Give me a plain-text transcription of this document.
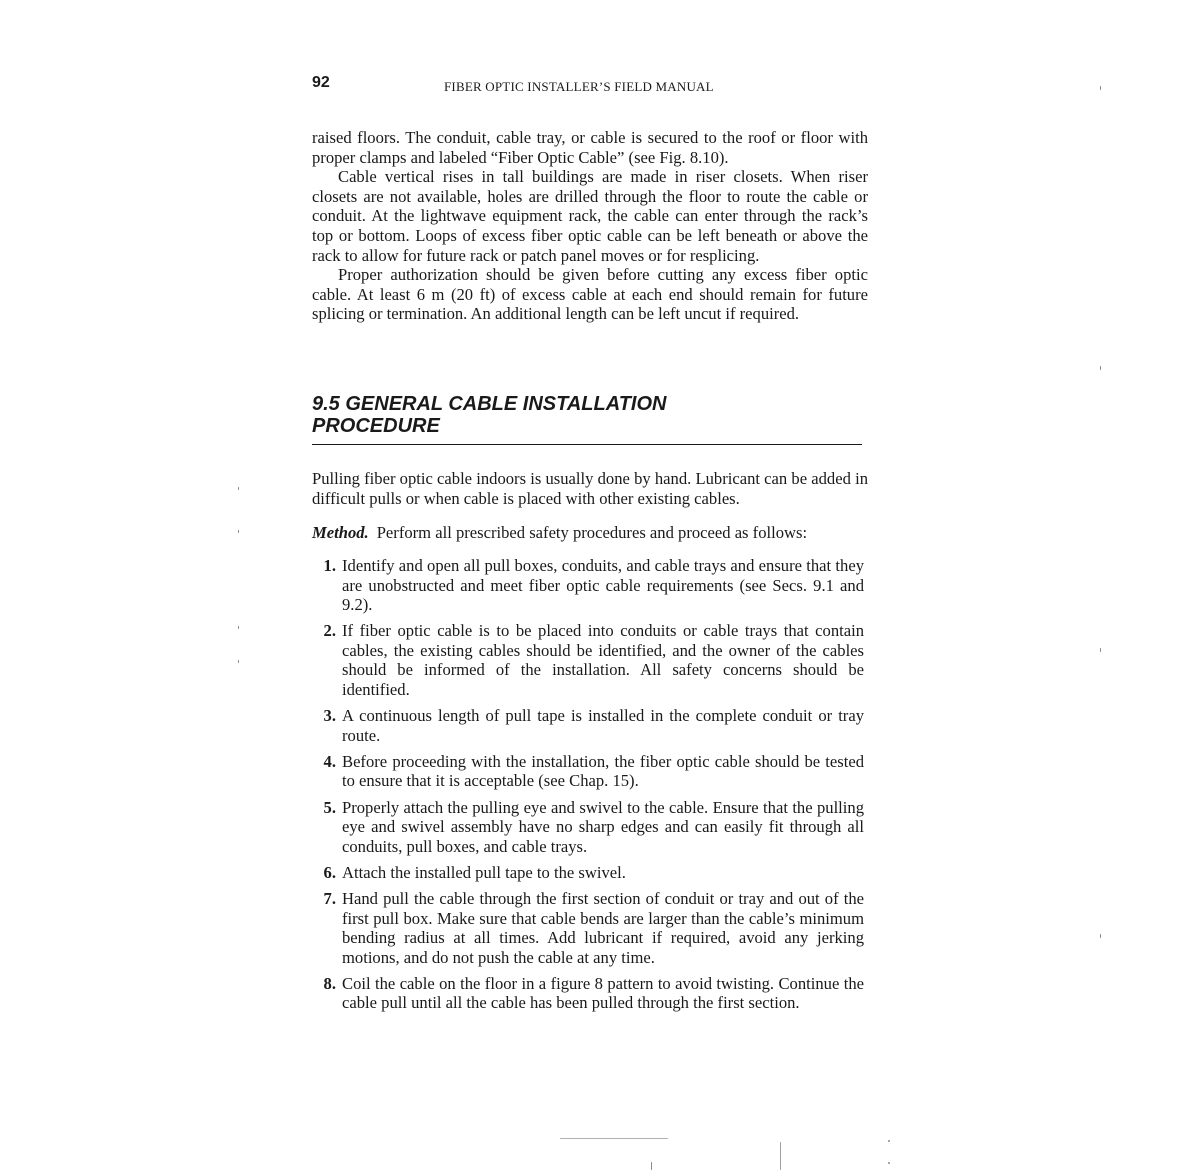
92	FIBER OPTIC INSTALLER’S FIELD MANUAL

raised floors. The conduit, cable tray, or cable is secured to the roof or floor with proper clamps and labeled “Fiber Optic Cable” (see Fig. 8.10).

Cable vertical rises in tall buildings are made in riser closets. When riser closets are not available, holes are drilled through the floor to route the cable or conduit. At the lightwave equipment rack, the cable can enter through the rack’s top or bottom. Loops of excess fiber optic cable can be left beneath or above the rack to allow for future rack or patch panel moves or for resplicing.

Proper authorization should be given before cutting any excess fiber optic cable. At least 6 m (20 ft) of excess cable at each end should remain for future splicing or termination. An additional length can be left uncut if required.

9.5 GENERAL CABLE INSTALLATION
PROCEDURE

Pulling fiber optic cable indoors is usually done by hand. Lubricant can be added in difficult pulls or when cable is placed with other existing cables.

Method. Perform all prescribed safety procedures and proceed as follows:
1. Identify and open all pull boxes, conduits, and cable trays and ensure that they are unobstructed and meet fiber optic cable requirements (see Secs. 9.1 and 9.2).
2. If fiber optic cable is to be placed into conduits or cable trays that contain cables, the existing cables should be identified, and the owner of the cables should be informed of the installation. All safety concerns should be identified.
3. A continuous length of pull tape is installed in the complete conduit or tray route.
4. Before proceeding with the installation, the fiber optic cable should be tested to ensure that it is acceptable (see Chap. 15).
5. Properly attach the pulling eye and swivel to the cable. Ensure that the pulling eye and swivel assembly have no sharp edges and can easily fit through all conduits, pull boxes, and cable trays.
6. Attach the installed pull tape to the swivel.
7. Hand pull the cable through the first section of conduit or tray and out of the first pull box. Make sure that cable bends are larger than the cable’s minimum bending radius at all times. Add lubricant if required, avoid any jerking motions, and do not push the cable at any time.
8. Coil the cable on the floor in a figure 8 pattern to avoid twisting. Continue the cable pull until all the cable has been pulled through the first section.
